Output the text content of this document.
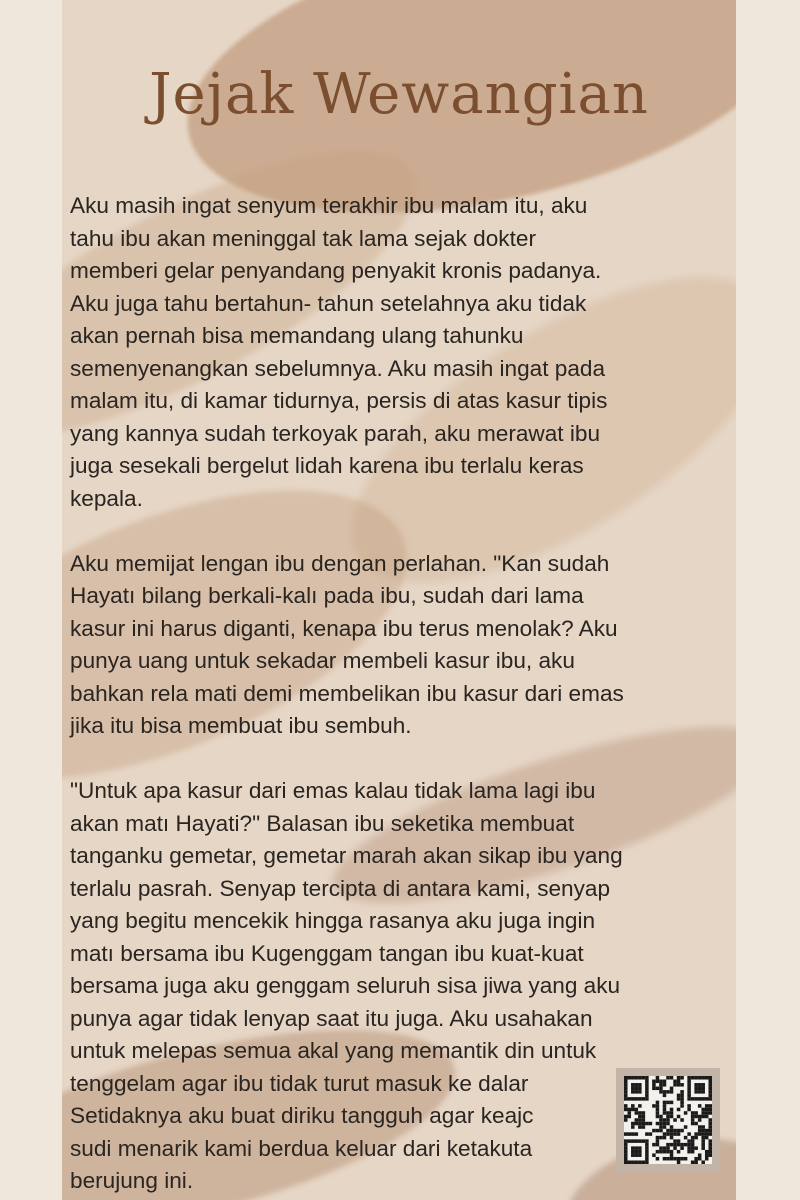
Jejak Wewangian

Aku masih ingat senyum terakhir ibu malam itu, aku
tahu ibu akan meninggal tak lama sejak dokter
memberi gelar penyandang penyakit kronis padanya.
Aku juga tahu bertahun- tahun setelahnya aku tidak
akan pernah bisa memandang ulang tahunku
semenyenangkan sebelumnya. Aku masih ingat pada
malam itu, di kamar tidurnya, persis di atas kasur tipis
yang kannya sudah terkoyak parah, aku merawat ibu
juga sesekali bergelut lidah karena ibu terlalu keras
kepala.

Aku memijat lengan ibu dengan perlahan. "Kan sudah
Hayatı bilang berkali-kalı pada ibu, sudah dari lama
kasur ini harus diganti, kenapa ibu terus menolak? Aku
punya uang untuk sekadar membeli kasur ibu, aku
bahkan rela mati demi membelikan ibu kasur dari emas
jika itu bisa membuat ibu sembuh.

"Untuk apa kasur dari emas kalau tidak lama lagi ibu
akan matı Hayati?" Balasan ibu seketika membuat
tanganku gemetar, gemetar marah akan sikap ibu yang
terlalu pasrah. Senyap tercipta di antara kami, senyap
yang begitu mencekik hingga rasanya aku juga ingin
matı bersama ibu Kugenggam tangan ibu kuat-kuat
bersama juga aku genggam seluruh sisa jiwa yang aku
punya agar tidak lenyap saat itu juga. Aku usahakan
untuk melepas semua akal yang memantik din untuk
tenggelam agar ibu tidak turut masuk ke dalar
Setidaknya aku buat diriku tangguh agar keajc
sudi menarik kami berdua keluar dari ketakuta
berujung ini.
